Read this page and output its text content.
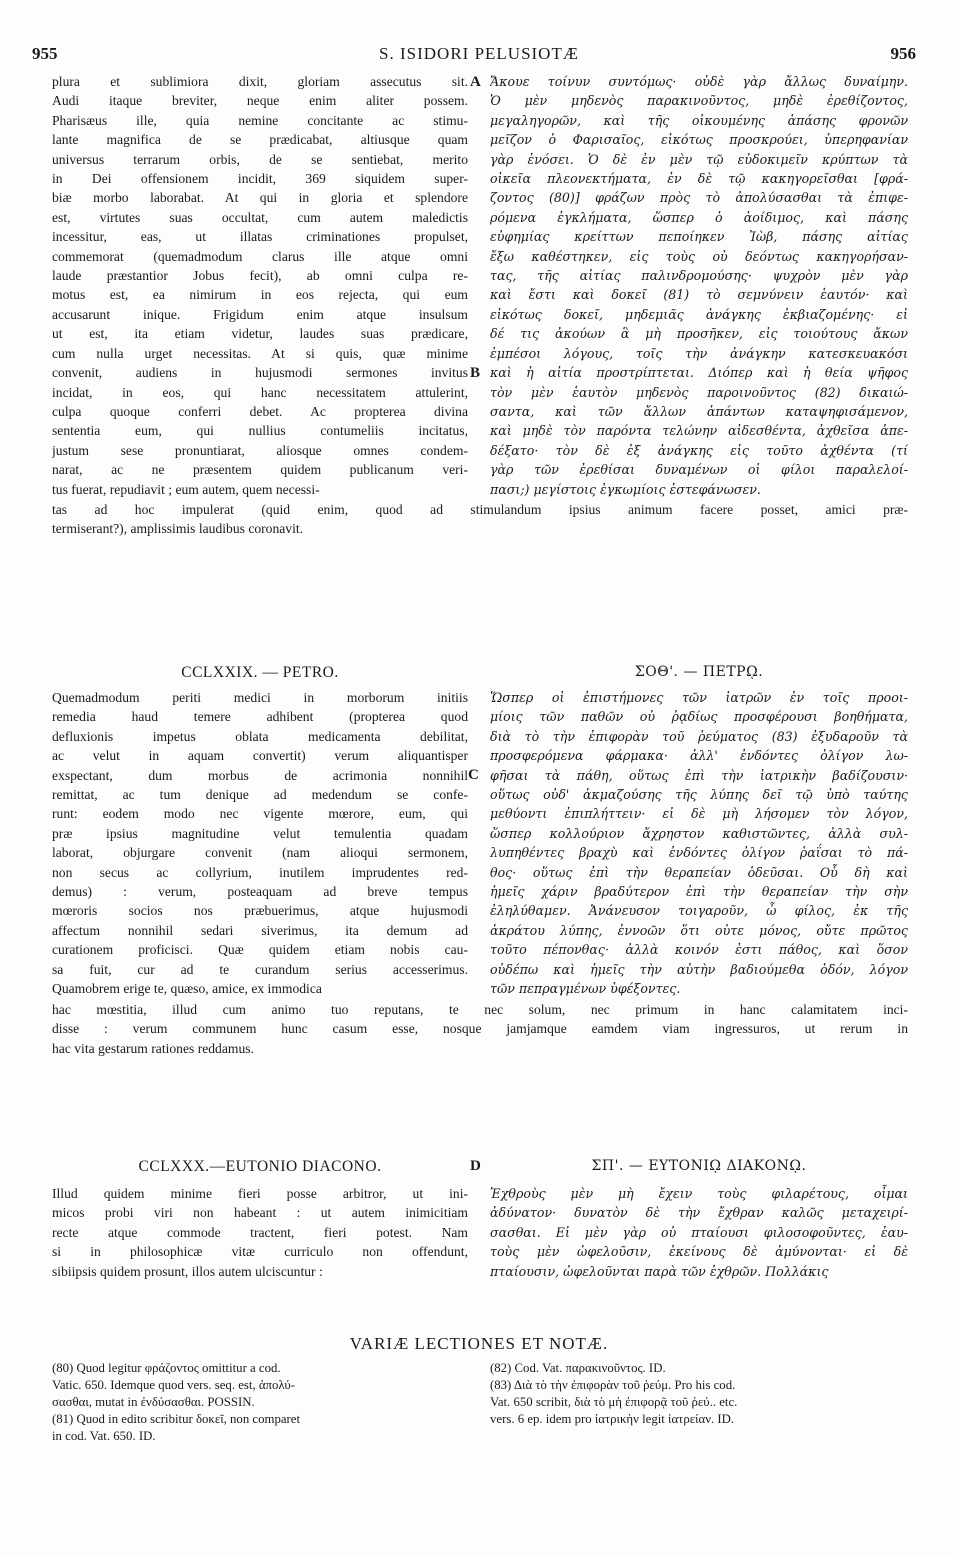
955	S. ISIDORI PELUSIOTÆ	956
plura et sublimiora dixit, gloriam assecutus sit.
Audi itaque breviter, neque enim aliter possem.
Pharisæus ille, quia nemine concitante ac stimu-
lante magnifica de se prædicabat, altiusque quam
universus terrarum orbis, de se sentiebat, merito
in Dei offensionem incidit, 369 siquidem super-
biæ morbo laborabat. At qui in gloria et splendore
est, virtutes suas occultat, cum autem maledictis
incessitur, eas, ut illatas criminationes propulset,
commemorat (quemadmodum clarus ille atque omni
laude præstantior Jobus fecit), ab omni culpa re-
motus est, ea nimirum in eos rejecta, qui eum
accusarunt inique. Frigidum enim atque insulsum
ut est, ita etiam videtur, laudes suas prædicare,
cum nulla urget necessitas. At si quis, quæ minime
convenit, audiens in hujusmodi sermones invitus
incidat, in eos, qui hanc necessitatem attulerint,
culpa quoque conferri debet. Ac propterea divina
sententia eum, qui nullius contumeliis incitatus,
justum sese pronuntiarat, aliosque omnes condem-
narat, ac ne præsentem quidem publicanum veri-
tus fuerat, repudiavit ; eum autem, quem necessi-
Ἄκουε τοίνυν συντόμως· οὐδὲ γὰρ ἄλλως δυναίμην.
Ὁ μὲν μηδενὸς παρακινοῦντος, μηδὲ ἐρεθίζοντος,
μεγαληγορῶν, καὶ τῆς οἰκουμένης ἁπάσης φρονῶν
μεῖζον ὁ Φαρισαῖος, εἰκότως προσκρούει, ὑπερηφανίαν
γὰρ ἐνόσει. Ὁ δὲ ἐν μὲν τῷ εὐδοκιμεῖν κρύπτων τὰ
οἰκεῖα πλεονεκτήματα, ἐν δὲ τῷ κακηγορεῖσθαι [φρά-
ζοντος (80)] φράζων πρὸς τὸ ἀπολύσασθαι τὰ ἐπιφε-
ρόμενα ἐγκλήματα, ὥσπερ ὁ ἀοίδιμος, καὶ πάσης
εὐφημίας κρείττων πεποίηκεν Ἰὼβ, πάσης αἰτίας
ἔξω καθέστηκεν, εἰς τοὺς οὐ δεόντως κακηγορήσαν-
τας, τῆς αἰτίας παλινδρομούσης· ψυχρὸν μὲν γὰρ
καὶ ἔστι καὶ δοκεῖ (81) τὸ σεμνύνειν ἑαυτόν· καὶ
εἰκότως δοκεῖ, μηδεμιᾶς ἀνάγκης ἐκβιαζομένης· εἰ
δέ τις ἀκούων ἃ μὴ προσῆκεν, εἰς τοιούτους ἄκων
ἐμπέσοι λόγους, τοῖς τὴν ἀνάγκην κατεσκευακόσι
καὶ ἡ αἰτία προστρίπτεται. Διόπερ καὶ ἡ θεία ψῆφος
τὸν μὲν ἑαυτὸν μηδενὸς παροινοῦντος (82) δικαιώ-
σαντα, καὶ τῶν ἄλλων ἁπάντων καταψηφισάμενον,
καὶ μηδὲ τὸν παρόντα τελώνην αἰδεσθέντα, ἀχθεῖσα ἀπε-
δέξατο· τὸν δὲ ἐξ ἀνάγκης εἰς τοῦτο ἀχθέντα (τί
γὰρ τῶν ἐρεθίσαι δυναμένων οἱ φίλοι παραλελοί-
πασι;) μεγίστοις ἐγκωμίοις ἐστεφάνωσεν.
A
B
tas ad hoc impulerat (quid enim, quod ad stimulandum ipsius animum facere posset, amici præ-
termiserant?), amplissimis laudibus coronavit.
CCLXXIX. — PETRO.	ΣΟΘ'. — ΠΕΤΡῼ.
Quemadmodum periti medici in morborum initiis
remedia haud temere adhibent (propterea quod
defluxionis impetus oblata medicamenta debilitat,
ac velut in aquam convertit) verum aliquantisper
exspectant, dum morbus de acrimonia nonnihil
remittat, ac tum denique ad medendum se confe-
runt: eodem modo nec vigente mœrore, eum, qui
præ ipsius magnitudine velut temulentia quadam
laborat, objurgare convenit (nam alioqui sermonem,
non secus ac collyrium, inutilem imprudentes red-
demus) : verum, posteaquam ad breve tempus
mœroris socios nos præbuerimus, atque hujusmodi
affectum nonnihil sedari siverimus, ita demum ad
curationem proficisci. Quæ quidem etiam nobis cau-
sa fuit, cur ad te curandum serius accesserimus.
Quamobrem erige te, quæso, amice, ex immodica
Ὥσπερ οἱ ἐπιστήμονες τῶν ἰατρῶν ἐν τοῖς προοι-
μίοις τῶν παθῶν οὐ ῥᾳδίως προσφέρουσι βοηθήματα,
διὰ τὸ τὴν ἐπιφορὰν τοῦ ῥεύματος (83) ἐξυδαροῦν τὰ
προσφερόμενα φάρμακα· ἀλλ' ἐνδόντες ὀλίγον λω-
φῆσαι τὰ πάθη, οὕτως ἐπὶ τὴν ἰατρικὴν βαδίζουσιν·
οὕτως οὐδ' ἀκμαζούσης τῆς λύπης δεῖ τῷ ὑπὸ ταύτης
μεθύοντι ἐπιπλήττειν· εἰ δὲ μὴ λήσομεν τὸν λόγον,
ὥσπερ κολλούριον ἄχρηστον καθιστῶντες, ἀλλὰ συλ-
λυπηθέντες βραχὺ καὶ ἐνδόντες ὀλίγον ῥαΐσαι τὸ πά-
θος· οὕτως ἐπὶ τὴν θεραπείαν ὁδεῦσαι. Οὗ δὴ καὶ
ἡμεῖς χάριν βραδύτερον ἐπὶ τὴν θεραπείαν τὴν σὴν
ἐληλύθαμεν. Ἀνάνευσον τοιγαροῦν, ὦ φίλος, ἐκ τῆς
ἀκράτου λύπης, ἐννοῶν ὅτι οὐτε μόνος, οὔτε πρῶτος
τοῦτο πέπονθας· ἀλλὰ κοινόν ἐστι πάθος, καὶ ὅσον
οὐδέπω καὶ ἡμεῖς τὴν αὐτὴν βαδιούμεθα ὁδόν, λόγον
τῶν πεπραγμένων ὑφέξοντες.
C
hac mœstitia, illud cum animo tuo reputans, te nec solum, nec primum in hanc calamitatem inci-
disse : verum communem hunc casum esse, nosque jamjamque eamdem viam ingressuros, ut rerum in
hac vita gestarum rationes reddamus.
CCLXXX.—EUTONIO DIACONO.	D	ΣΠ'. — ΕΥΤΟΝΙῼ ΔΙΑΚΟΝῼ.
Illud quidem minime fieri posse arbitror, ut ini-
micos probi viri non habeant : ut autem inimicitiam
recte atque commode tractent, fieri potest. Nam
si in philosophicæ vitæ curriculo non offendunt,
sibiipsis quidem prosunt, illos autem ulciscuntur :
Ἐχθροὺς μὲν μὴ ἔχειν τοὺς φιλαρέτους, οἶμαι
ἀδύνατον· δυνατὸν δὲ τὴν ἔχθραν καλῶς μεταχειρί-
σασθαι. Εἰ μὲν γὰρ οὐ πταίουσι φιλοσοφοῦντες, ἑαυ-
τοὺς μὲν ὠφελοῦσιν, ἐκείνους δὲ ἀμύνονται· εἰ δὲ
πταίουσιν, ὠφελοῦνται παρὰ τῶν ἐχθρῶν. Πολλάκις
VARIÆ LECTIONES ET NOTÆ.
(80) Quod legitur φράζοντος omittitur a cod.
Vatic. 650. Idemque quod vers. seq. est, ἀπολύ-
σασθαι, mutat in ἐνδύσασθαι. POSSIN.
(81) Quod in edito scribitur δοκεῖ, non comparet
in cod. Vat. 650. ID.
(82) Cod. Vat. παρακινοῦντος. ID.
(83) Διὰ τὸ τὴν ἐπιφορὰν τοῦ ῥεύμ. Pro his cod.
Vat. 650 scribit, διὰ τὸ μὴ ἐπιφορᾷ τοῦ ῥεύ.. etc.
vers. 6 ep. idem pro ἰατρικὴν legit ἰατρείαν. ID.
